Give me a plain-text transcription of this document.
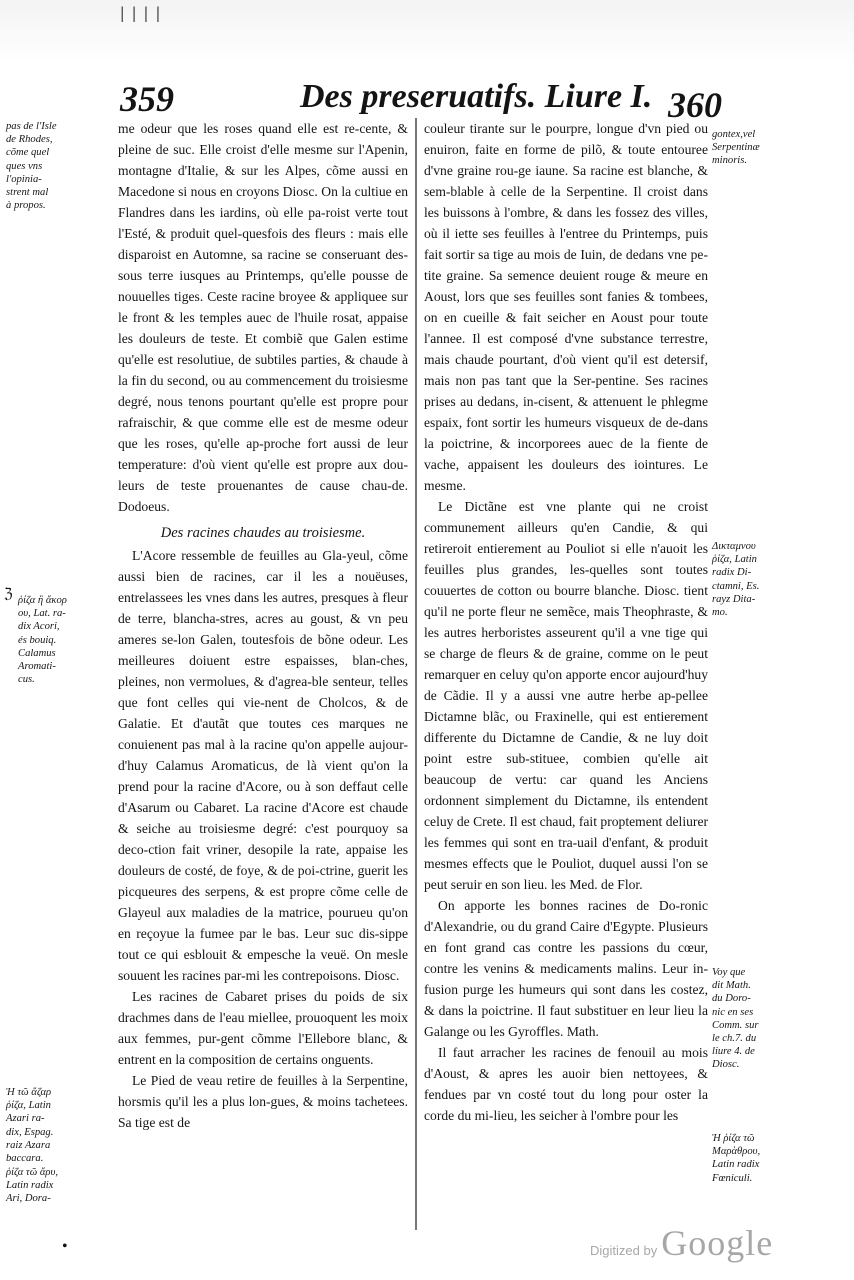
ǀ ǀ ǀ ǀ
359	Des preseruatifs. Liure I. 360
pas de l'Isle
de Rhodes,
cõme quel
ques vns
l'opinia-
strent mal
à propos.
ℨ ῥίζα ἢ ἄκορ
ου, Lat. ra-
dix Acori,
és bouiq.
Calamus
Aromati-
cus.
Ἡ τῶ ἄζαρ
ῥίζα, Latin
Azari ra-
dix, Espag.
raiz Azara
baccara.
ῥίζα τῶ ἄρυ,
Latin radix
Ari, Dora-
gontex,vel
Serpentinæ
minoris.
Δικταμνου
ῥίζα, Latin
radix Di-
ctamni, Es.
rayz Dita-
mo.
Voy que
dit Math.
du Doro-
nic en ses
Comm. sur
le ch.7. du
liure 4. de
Diosc.
Ἡ ῥίζα τῶ
Μαρὰθρου,
Latin radix
Fœniculi.

me odeur que les roses quand elle est re-cente, & pleine de suc. Elle croist d'elle mesme sur l'Apenin, montagne d'Italie, & sur les Alpes, cõme aussi en Macedone si nous en croyons Diosc. On la cultiue en Flandres dans les iardins, où elle pa-roist verte tout l'Esté, & produit quel-quesfois des fleurs : mais elle disparoist en Automne, sa racine se conseruant des-sous terre iusques au Printemps, qu'elle pousse de nouuelles tiges. Ceste racine broyee & appliquee sur le front & les temples auec de l'huile rosat, appaise les douleurs de teste. Et combiẽ que Galen estime qu'elle est resolutiue, de subtiles parties, & chaude à la fin du second, ou au commencement du troisiesme degré, nous tenons pourtant qu'elle est propre pour rafraischir, & que comme elle est de mesme odeur que les roses, qu'elle ap-proche fort aussi de leur temperature: d'où vient qu'elle est propre aux dou-leurs de teste prouenantes de cause chau-de. Dodoeus.

Des racines chaudes au troisiesme.

L'Acore ressemble de feuilles au Gla-yeul, cõme aussi bien de racines, car il les a nouëuses, entrelassees les vnes dans les autres, presques à fleur de terre, blancha-stres, acres au goust, & vn peu ameres se-lon Galen, toutesfois de bõne odeur. Les meilleures doiuent estre espaisses, blan-ches, pleines, non vermolues, & d'agrea-ble senteur, telles que font celles qui vie-nent de Cholcos, & de Galatie. Et d'autãt que toutes ces marques ne conuienent pas mal à la racine qu'on appelle aujour-d'huy Calamus Aromaticus, de là vient qu'on la prend pour la racine d'Acore, ou à son deffaut celle d'Asarum ou Cabaret. La racine d'Acore est chaude & seiche au troisiesme degré: c'est pourquoy sa deco-ction fait vriner, desopile la rate, appaise les douleurs de costé, de foye, & de poi-ctrine, guerit les picqueures des serpens, & est propre cõme celle de Glayeul aux maladies de la matrice, pourueu qu'on en reçoyue la fumee par le bas. Leur suc dis-sippe tout ce qui esblouit & empesche la veuë. On mesle souuent les racines par-mi les contrepoisons. Diosc.

Les racines de Cabaret prises du poids de six drachmes dans de l'eau miellee, prouoquent les moix aux femmes, pur-gent cõmme l'Ellebore blanc, & entrent en la composition de certains onguents.

Le Pied de veau retire de feuilles à la Serpentine, horsmis qu'il les a plus lon-gues, & moins tachetees. Sa tige est de

couleur tirante sur le pourpre, longue d'vn pied ou enuiron, faite en forme de pilõ, & toute entouree d'vne graine rou-ge iaune. Sa racine est blanche, & sem-blable à celle de la Serpentine. Il croist dans les buissons à l'ombre, & dans les fossez des villes, où il iette ses feuilles à l'entree du Printemps, puis fait sortir sa tige au mois de Iuin, de dedans vne pe-tite graine. Sa semence deuient rouge & meure en Aoust, lors que ses feuilles sont fanies & tombees, on en cueille & fait seicher en Aoust pour toute l'annee. Il est composé d'vne substance terrestre, mais chaude pourtant, d'où vient qu'il est detersif, mais non pas tant que la Ser-pentine. Ses racines prises au dedans, in-cisent, & attenuent le phlegme espaix, font sortir les humeurs visqueux de de-dans la poictrine, & incorporees auec de la fiente de vache, appaisent les douleurs des iointures. Le mesme.

Le Dictãne est vne plante qui ne croist communement ailleurs qu'en Candie, & qui retireroit entierement au Pouliot si elle n'auoit les feuilles plus grandes, les-quelles sont toutes couuertes de cotton ou bourre blanche. Diosc. tient qu'il ne porte fleur ne semẽce, mais Theophraste, & les autres herboristes asseurent qu'il a vne tige qui se charge de fleurs & de graine, comme on le peut remarquer en celuy qu'on apporte encor aujourd'huy de Cãdie. Il y a aussi vne autre herbe ap-pellee Dictamne blãc, ou Fraxinelle, qui est entierement differente du Dictamne de Candie, & ne luy doit point estre sub-stituee, combien qu'elle ait beaucoup de vertu: car quand les Anciens ordonnent simplement du Dictamne, ils entendent celuy de Crete. Il est chaud, fait proptement deliurer les femmes qui sont en tra-uail d'enfant, & produit mesmes effects que le Pouliot, duquel aussi l'on se peut seruir en son lieu. les Med. de Flor.

On apporte les bonnes racines de Do-ronic d'Alexandrie, ou du grand Caire d'Egypte. Plusieurs en font grand cas contre les passions du cœur, contre les venins & medicaments malins. Leur in-fusion purge les humeurs qui sont dans les costez, & dans la poictrine. Il faut substituer en leur lieu la Galange ou les Gyroffles. Math.

Il faut arracher les racines de fenouil au mois d'Aoust, & apres les auoir bien nettoyees, & fendues par vn costé tout du long pour oster la corde du mi-lieu, les seicher à l'ombre pour les

•	Digitized by Google
